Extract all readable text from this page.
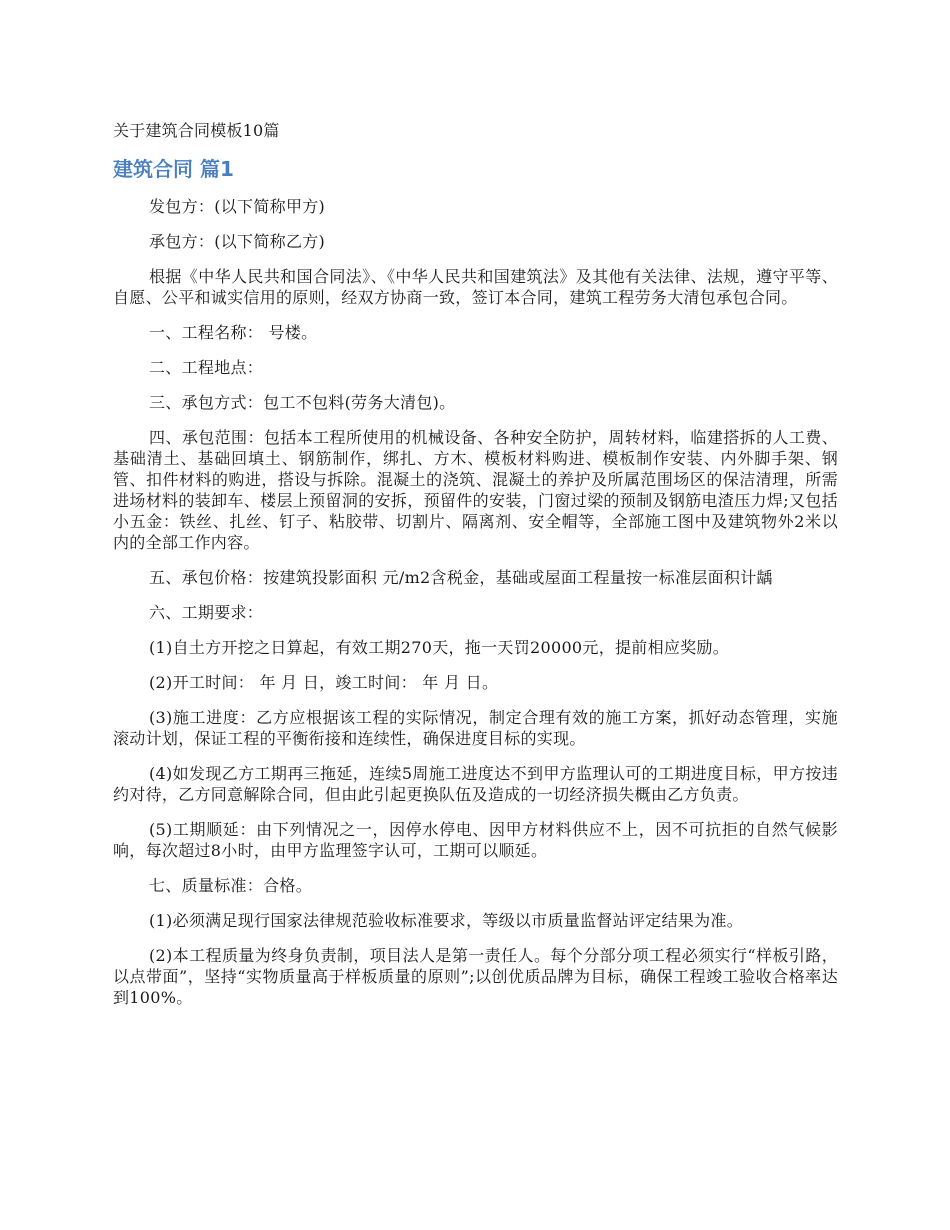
关于建筑合同模板10篇
建筑合同 篇1

发包方：(以下简称甲方)

承包方：(以下简称乙方)

根据《中华人民共和国合同法》、《中华人民共和国建筑法》及其他有关法律、法规，遵守平等、自愿、公平和诚实信用的原则，经双方协商一致，签订本合同，建筑工程劳务大清包承包合同。

一、工程名称： 号楼。

二、工程地点：

三、承包方式：包工不包料(劳务大清包)。

四、承包范围：包括本工程所使用的机械设备、各种安全防护，周转材料，临建搭拆的人工费、基础清土、基础回填土、钢筋制作，绑扎、方木、模板材料购进、模板制作安装、内外脚手架、钢管、扣件材料的购进，搭设与拆除。混凝土的浇筑、混凝土的养护及所属范围场区的保洁清理，所需进场材料的装卸车、楼层上预留洞的安拆，预留件的安装，门窗过梁的预制及钢筋电渣压力焊;又包括小五金：铁丝、扎丝、钉子、粘胶带、切割片、隔离剂、安全帽等，全部施工图中及建筑物外2米以内的全部工作内容。

五、承包价格：按建筑投影面积 元/m2含税金，基础或屋面工程量按一标准层面积计龋

六、工期要求：

(1)自土方开挖之日算起，有效工期270天，拖一天罚20000元，提前相应奖励。

(2)开工时间： 年 月 日，竣工时间： 年 月 日。

(3)施工进度：乙方应根据该工程的实际情况，制定合理有效的施工方案，抓好动态管理，实施滚动计划，保证工程的平衡衔接和连续性，确保进度目标的实现。

(4)如发现乙方工期再三拖延，连续5周施工进度达不到甲方监理认可的工期进度目标，甲方按违约对待，乙方同意解除合同，但由此引起更换队伍及造成的一切经济损失概由乙方负责。

(5)工期顺延：由下列情况之一，因停水停电、因甲方材料供应不上，因不可抗拒的自然气候影响，每次超过8小时，由甲方监理签字认可，工期可以顺延。

七、质量标准：合格。

(1)必须满足现行国家法律规范验收标准要求，等级以市质量监督站评定结果为准。

(2)本工程质量为终身负责制，项目法人是第一责任人。每个分部分项工程必须实行“样板引路，以点带面”，坚持“实物质量高于样板质量的原则”;以创优质品牌为目标，确保工程竣工验收合格率达到100%。
